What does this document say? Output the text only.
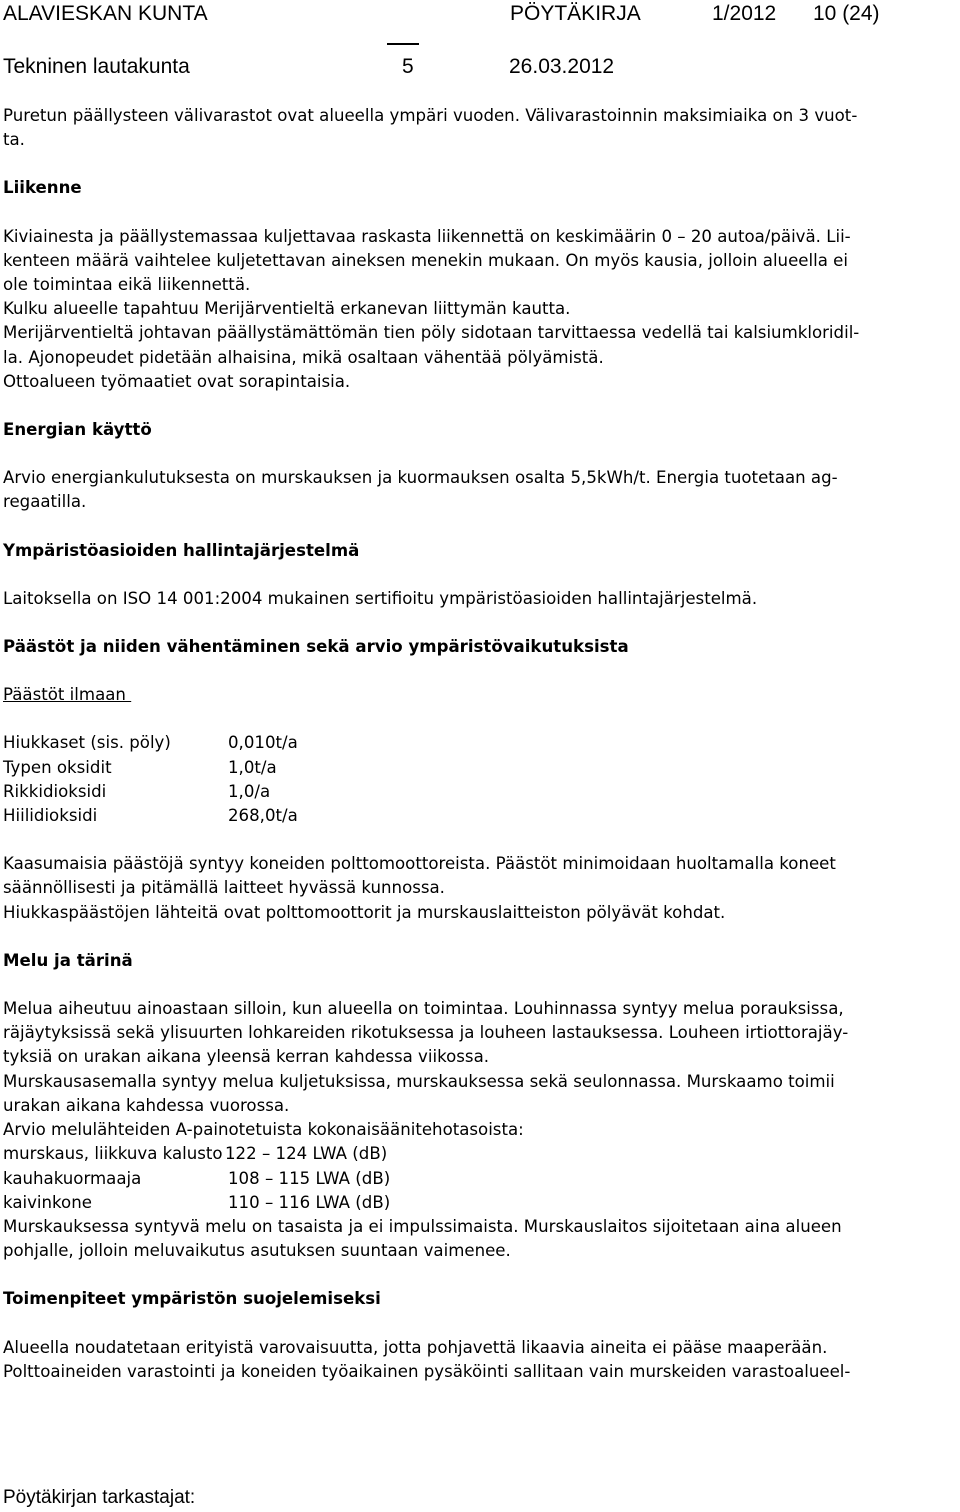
ALAVIESKAN KUNTA	PÖYTÄKIRJA	1/2012 10 (24)
Tekninen lautakunta	5	26.03.2012

Puretun päällysteen välivarastot ovat alueella ympäri vuoden. Välivarastoinnin maksimiaika on 3 vuot-

ta.

Liikenne

Kiviainesta ja päällystemassaa kuljettavaa raskasta liikennettä on keskimäärin 0 – 20 autoa/päivä. Lii-

kenteen määrä vaihtelee kuljetettavan aineksen menekin mukaan. On myös kausia, jolloin alueella ei

ole toimintaa eikä liikennettä.

Kulku alueelle tapahtuu Merijärventieltä erkanevan liittymän kautta.

Merijärventieltä johtavan päällystämättömän tien pöly sidotaan tarvittaessa vedellä tai kalsiumkloridil-

la. Ajonopeudet pidetään alhaisina, mikä osaltaan vähentää pölyämistä.

Ottoalueen työmaatiet ovat sorapintaisia.

Energian käyttö

Arvio energiankulutuksesta on murskauksen ja kuormauksen osalta 5,5kWh/t. Energia tuotetaan ag-

regaatilla.

Ympäristöasioiden hallintajärjestelmä

Laitoksella on ISO 14 001:2004 mukainen sertifioitu ympäristöasioiden hallintajärjestelmä.

Päästöt ja niiden vähentäminen sekä arvio ympäristövaikutuksista

Päästöt ilmaan

Hiukkaset (sis. pöly)	0,010t/a
Typen oksidit	1,0t/a
Rikkidioksidi	1,0/a
Hiilidioksidi	268,0t/a

Kaasumaisia päästöjä syntyy koneiden polttomoottoreista. Päästöt minimoidaan huoltamalla koneet

säännöllisesti ja pitämällä laitteet hyvässä kunnossa.

Hiukkaspäästöjen lähteitä ovat polttomoottorit ja murskauslaitteiston pölyävät kohdat.

Melu ja tärinä

Melua aiheutuu ainoastaan silloin, kun alueella on toimintaa. Louhinnassa syntyy melua porauksissa,

räjäytyksissä sekä ylisuurten lohkareiden rikotuksessa ja louheen lastauksessa. Louheen irtiottorajäy-

tyksiä on urakan aikana yleensä kerran kahdessa viikossa.

Murskausasemalla syntyy melua kuljetuksissa, murskauksessa sekä seulonnassa. Murskaamo toimii

urakan aikana kahdessa vuorossa.

Arvio melulähteiden A-painotetuista kokonaisäänitehotasoista:

murskaus, liikkuva kalusto 122 – 124 LWA (dB)
kauhakuormaaja	108 – 115 LWA (dB)
kaivinkone	110 – 116 LWA (dB)

Murskauksessa syntyvä melu on tasaista ja ei impulssimaista. Murskauslaitos sijoitetaan aina alueen

pohjalle, jolloin meluvaikutus asutuksen suuntaan vaimenee.

Toimenpiteet ympäristön suojelemiseksi

Alueella noudatetaan erityistä varovaisuutta, jotta pohjavettä likaavia aineita ei pääse maaperään.

Polttoaineiden varastointi ja koneiden työaikainen pysäköinti sallitaan vain murskeiden varastoalueel-

Pöytäkirjan tarkastajat:
